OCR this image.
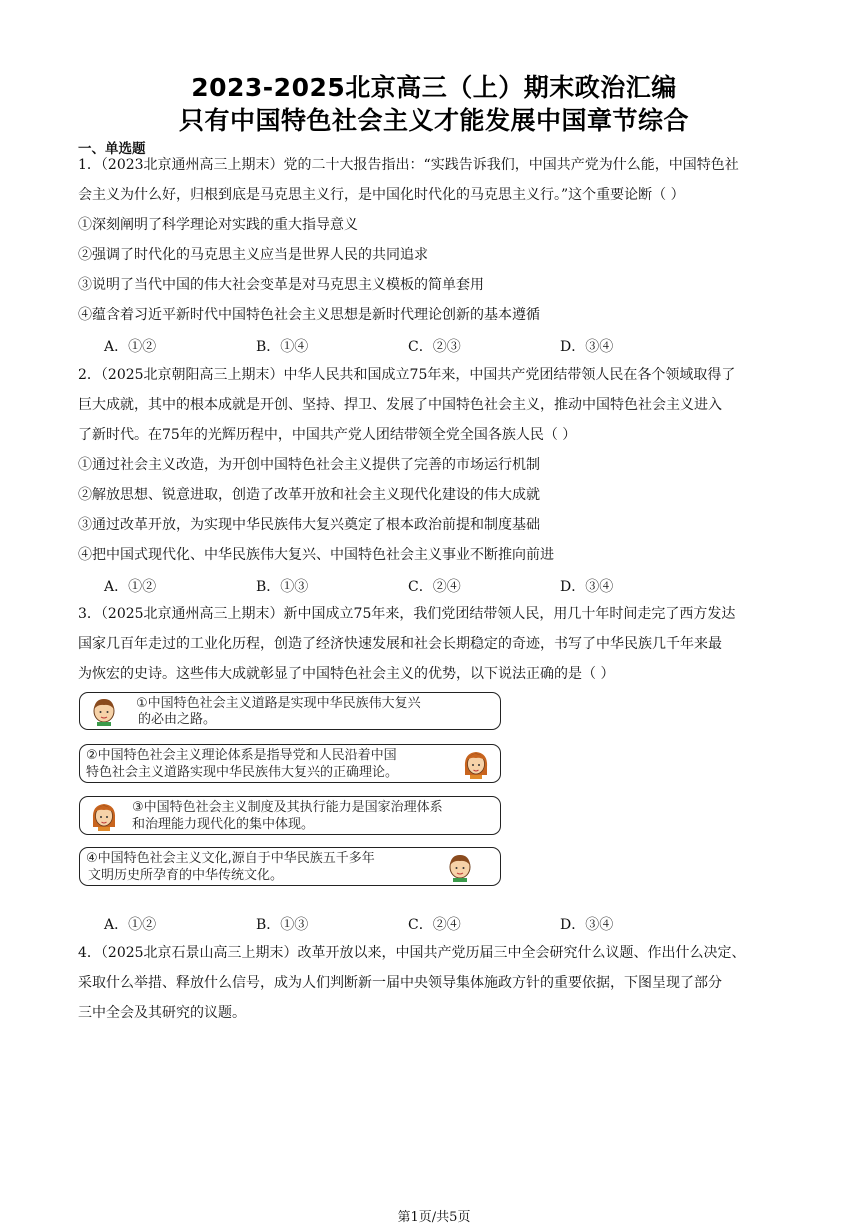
2023-2025北京高三（上）期末政治汇编
只有中国特色社会主义才能发展中国章节综合
一、单选题
1．（2023北京通州高三上期末）党的二十大报告指出：“实践告诉我们，中国共产党为什么能，中国特色社
会主义为什么好，归根到底是马克思主义行，是中国化时代化的马克思主义行。”这个重要论断（ ）
①深刻阐明了科学理论对实践的重大指导意义
②强调了时代化的马克思主义应当是世界人民的共同追求
③说明了当代中国的伟大社会变革是对马克思主义模板的简单套用
④蕴含着习近平新时代中国特色社会主义思想是新时代理论创新的基本遵循
A．①②	B．①④	C．②③	D．③④
2．（2025北京朝阳高三上期末）中华人民共和国成立75年来，中国共产党团结带领人民在各个领域取得了
巨大成就，其中的根本成就是开创、坚持、捍卫、发展了中国特色社会主义，推动中国特色社会主义进入
了新时代。在75年的光辉历程中，中国共产党人团结带领全党全国各族人民（ ）
①通过社会主义改造，为开创中国特色社会主义提供了完善的市场运行机制
②解放思想、锐意进取，创造了改革开放和社会主义现代化建设的伟大成就
③通过改革开放，为实现中华民族伟大复兴奠定了根本政治前提和制度基础
④把中国式现代化、中华民族伟大复兴、中国特色社会主义事业不断推向前进
A．①②	B．①③	C．②④	D．③④
3．（2025北京通州高三上期末）新中国成立75年来，我们党团结带领人民，用几十年时间走完了西方发达
国家几百年走过的工业化历程，创造了经济快速发展和社会长期稳定的奇迹，书写了中华民族几千年来最
为恢宏的史诗。这些伟大成就彰显了中国特色社会主义的优势，以下说法正确的是（ ）
①中国特色社会主义道路是实现中华民族伟大复兴
的必由之路。
②中国特色社会主义理论体系是指导党和人民沿着中国
特色社会主义道路实现中华民族伟大复兴的正确理论。
③中国特色社会主义制度及其执行能力是国家治理体系
和治理能力现代化的集中体现。
④中国特色社会主义文化,源自于中华民族五千多年
文明历史所孕育的中华传统文化。
A．①②	B．①③	C．②④	D．③④
4．（2025北京石景山高三上期末）改革开放以来，中国共产党历届三中全会研究什么议题、作出什么决定、
采取什么举措、释放什么信号，成为人们判断新一届中央领导集体施政方针的重要依据，下图呈现了部分
三中全会及其研究的议题。
第1页/共5页
